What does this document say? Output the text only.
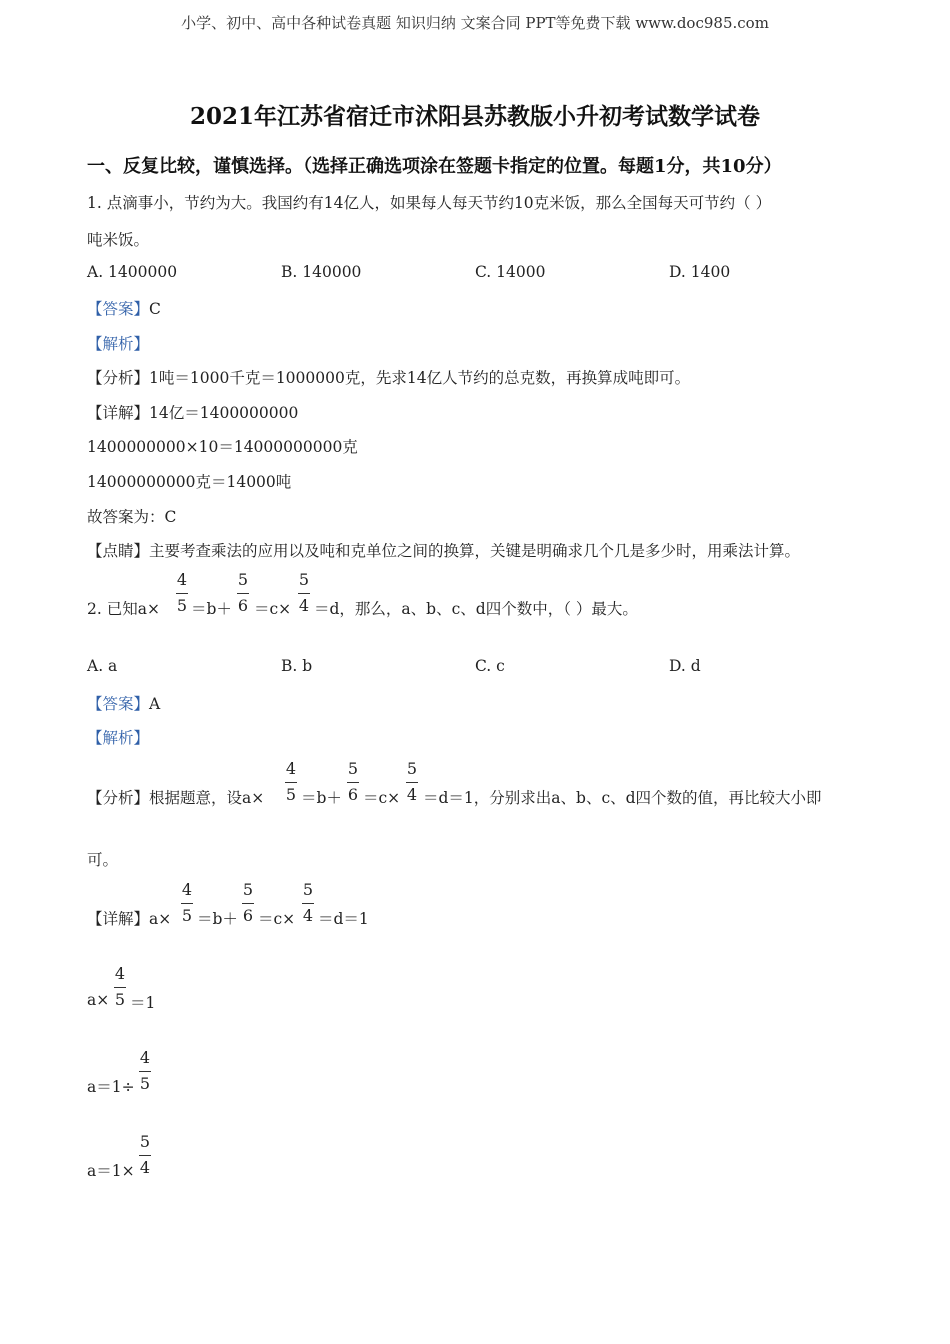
小学、初中、高中各种试卷真题 知识归纳 文案合同 PPT等免费下载 www.doc985.com
2021年江苏省宿迁市沭阳县苏教版小升初考试数学试卷
一、反复比较，谨慎选择。（选择正确选项涂在签题卡指定的位置。每题1分，共10分）
1. 点滴事小，节约为大。我国约有14亿人，如果每人每天节约10克米饭，那么全国每天可节约（ ）
吨米饭。
A. 1400000	B. 140000	C. 14000	D. 1400
【答案】C
【解析】
【分析】1吨＝1000千克＝1000000克，先求14亿人节约的总克数，再换算成吨即可。
【详解】14亿＝1400000000
1400000000×10＝14000000000克
14000000000克＝14000吨
故答案为：C
【点睛】主要考查乘法的应用以及吨和克单位之间的换算，关键是明确求几个几是多少时，用乘法计算。
2. 已知a×
4
5 ＝b＋
5
6 ＝c×
5
4 ＝d，那么，a、b、c、d四个数中，（ ）最大。
A. a	B. b	C. c	D. d
【答案】A
【解析】
【分析】根据题意，设a×
4
5 ＝b＋
5
6 ＝c×
5
4 ＝d＝1，分别求出a、b、c、d四个数的值，再比较大小即
可。
【详解】a×
4
5 ＝b＋
5
6 ＝c×
5
4 ＝d＝1
a×
4
5 ＝1
a＝1÷
4
5
a＝1×
5
4
